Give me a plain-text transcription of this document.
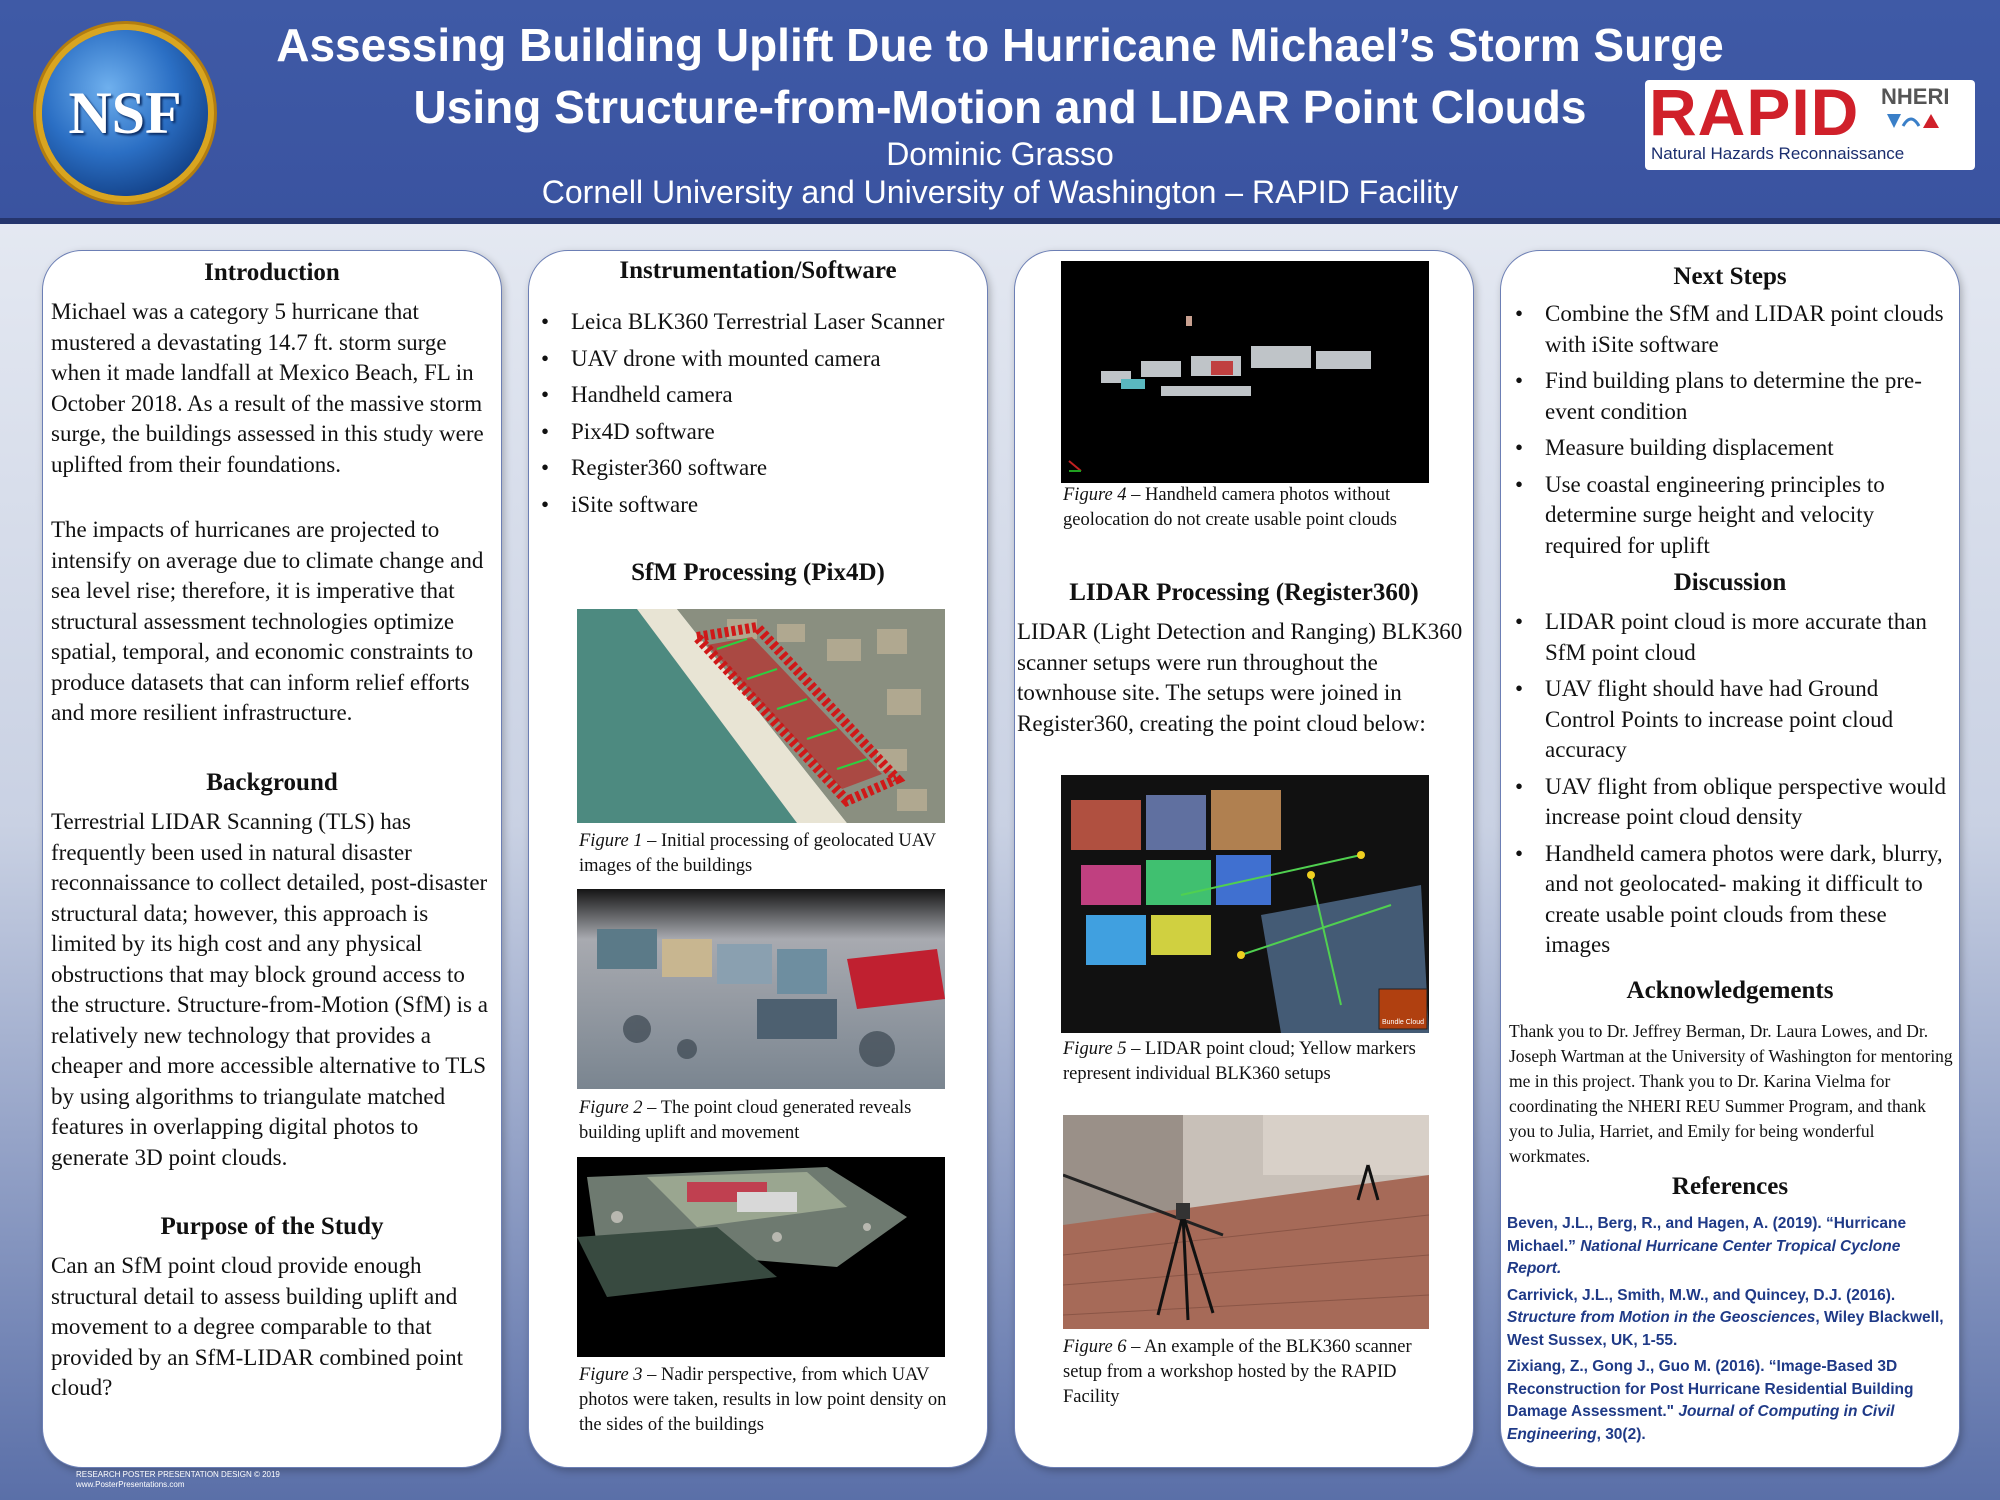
NSF
Assessing Building Uplift Due to Hurricane Michael’s Storm Surge
Using Structure-from-Motion and LIDAR Point Clouds
Dominic Grasso
Cornell University and University of Washington – RAPID Facility
RAPID NHERI
Natural Hazards Reconnaissance
Introduction

Michael was a category 5 hurricane that mustered a devastating 14.7 ft. storm surge when it made landfall at Mexico Beach, FL in October 2018. As a result of the massive storm surge, the buildings assessed in this study were uplifted from their foundations.

The impacts of hurricanes are projected to intensify on average due to climate change and sea level rise; therefore, it is imperative that structural assessment technologies optimize spatial, temporal, and economic constraints to produce datasets that can inform relief efforts and more resilient infrastructure.

Background

Terrestrial LIDAR Scanning (TLS) has frequently been used in natural disaster reconnaissance to collect detailed, post-disaster structural data; however, this approach is limited by its high cost and any physical obstructions that may block ground access to the structure. Structure-from-Motion (SfM) is a relatively new technology that provides a cheaper and more accessible alternative to TLS by using algorithms to triangulate matched features in overlapping digital photos to generate 3D point clouds.

Purpose of the Study

Can an SfM point cloud provide enough structural detail to assess building uplift and movement to a degree comparable to that provided by an SfM-LIDAR combined point cloud?

Instrumentation/Software
• Leica BLK360 Terrestrial Laser Scanner
• UAV drone with mounted camera
• Handheld camera
• Pix4D software
• Register360 software
• iSite software
SfM Processing (Pix4D)

Figure 1 – Initial processing of geolocated UAV images of the buildings

Figure 2 – The point cloud generated reveals building uplift and movement

Figure 3 – Nadir perspective, from which UAV photos were taken, results in low point density on the sides of the buildings

Figure 4 – Handheld camera photos without geolocation do not create usable point clouds

LIDAR Processing (Register360)

LIDAR (Light Detection and Ranging) BLK360 scanner setups were run throughout the townhouse site. The setups were joined in Register360, creating the point cloud below:

Bundle Cloud

Figure 5 – LIDAR point cloud; Yellow markers represent individual BLK360 setups

Figure 6 – An example of the BLK360 scanner setup from a workshop hosted by the RAPID Facility

Next Steps
• Combine the SfM and LIDAR point clouds with iSite software
• Find building plans to determine the pre-event condition
• Measure building displacement
• Use coastal engineering principles to determine surge height and velocity required for uplift
Discussion
• LIDAR point cloud is more accurate than SfM point cloud
• UAV flight should have had Ground Control Points to increase point cloud accuracy
• UAV flight from oblique perspective would increase point cloud density
• Handheld camera photos were dark, blurry, and not geolocated- making it difficult to create usable point clouds from these images
Acknowledgements

Thank you to Dr. Jeffrey Berman, Dr. Laura Lowes, and Dr. Joseph Wartman at the University of Washington for mentoring me in this project. Thank you to Dr. Karina Vielma for coordinating the NHERI REU Summer Program, and thank you to Julia, Harriet, and Emily for being wonderful workmates.

References

Beven, J.L., Berg, R., and Hagen, A. (2019). “Hurricane Michael.” National Hurricane Center Tropical Cyclone Report.

Carrivick, J.L., Smith, M.W., and Quincey, D.J. (2016). Structure from Motion in the Geosciences, Wiley Blackwell, West Sussex, UK, 1-55.

Zixiang, Z., Gong J., Guo M. (2016). “Image-Based 3D Reconstruction for Post Hurricane Residential Building Damage Assessment." Journal of Computing in Civil Engineering, 30(2).

RESEARCH POSTER PRESENTATION DESIGN © 2019
www.PosterPresentations.com
